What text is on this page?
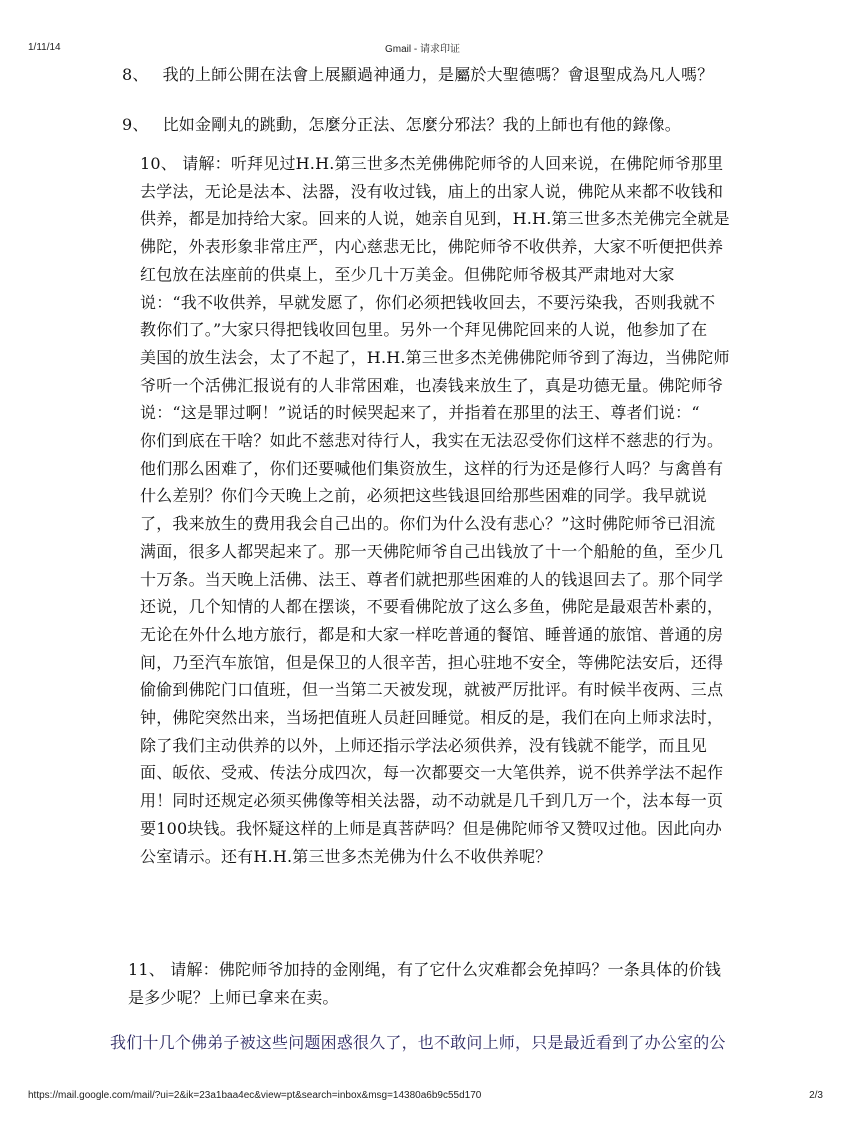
1/11/14	Gmail - 请求印证
8、 我的上師公開在法會上展顯過神通力，是屬於大聖德嗎？會退聖成為凡人嗎？
9、 比如金剛丸的跳動，怎麼分正法、怎麼分邪法？我的上師也有他的錄像。
10、 请解：听拜见过H.H.第三世多杰羌佛佛陀师爷的人回来说，在佛陀师爷那里
去学法，无论是法本、法器，没有收过钱，庙上的出家人说，佛陀从来都不收钱和
供养，都是加持给大家。回来的人说，她亲自见到，H.H.第三世多杰羌佛完全就是
佛陀，外表形象非常庄严，内心慈悲无比，佛陀师爷不收供养，大家不听便把供养
红包放在法座前的供桌上，至少几十万美金。但佛陀师爷极其严肃地对大家
说：“我不收供养，早就发愿了，你们必须把钱收回去，不要污染我，否则我就不
教你们了。”大家只得把钱收回包里。另外一个拜见佛陀回来的人说，他参加了在
美国的放生法会，太了不起了，H.H.第三世多杰羌佛佛陀师爷到了海边，当佛陀师
爷听一个活佛汇报说有的人非常困难，也凑钱来放生了，真是功德无量。佛陀师爷
说：“这是罪过啊！”说话的时候哭起来了，并指着在那里的法王、尊者们说：“
你们到底在干啥？如此不慈悲对待行人，我实在无法忍受你们这样不慈悲的行为。
他们那么困难了，你们还要喊他们集资放生，这样的行为还是修行人吗？与禽兽有
什么差别？你们今天晚上之前，必须把这些钱退回给那些困难的同学。我早就说
了，我来放生的费用我会自己出的。你们为什么没有悲心？”这时佛陀师爷已泪流
满面，很多人都哭起来了。那一天佛陀师爷自己出钱放了十一个船舱的鱼，至少几
十万条。当天晚上活佛、法王、尊者们就把那些困难的人的钱退回去了。那个同学
还说，几个知情的人都在摆谈，不要看佛陀放了这么多鱼，佛陀是最艰苦朴素的，
无论在外什么地方旅行，都是和大家一样吃普通的餐馆、睡普通的旅馆、普通的房
间，乃至汽车旅馆，但是保卫的人很辛苦，担心驻地不安全，等佛陀法安后，还得
偷偷到佛陀门口值班，但一当第二天被发现，就被严厉批评。有时候半夜两、三点
钟，佛陀突然出来，当场把值班人员赶回睡觉。相反的是，我们在向上师求法时，
除了我们主动供养的以外，上师还指示学法必须供养，没有钱就不能学，而且见
面、皈依、受戒、传法分成四次，每一次都要交一大笔供养，说不供养学法不起作
用！同时还规定必须买佛像等相关法器，动不动就是几千到几万一个，法本每一页
要100块钱。我怀疑这样的上师是真菩萨吗？但是佛陀师爷又赞叹过他。因此向办
公室请示。还有H.H.第三世多杰羌佛为什么不收供养呢？
11、 请解：佛陀师爷加持的金刚绳，有了它什么灾难都会免掉吗？一条具体的价钱
是多少呢？上师已拿来在卖。
我们十几个佛弟子被这些问题困惑很久了，也不敢问上师，只是最近看到了办公室的公
https://mail.google.com/mail/?ui=2&ik=23a1baa4ec&view=pt&search=inbox&msg=14380a6b9c55d170	2/3
